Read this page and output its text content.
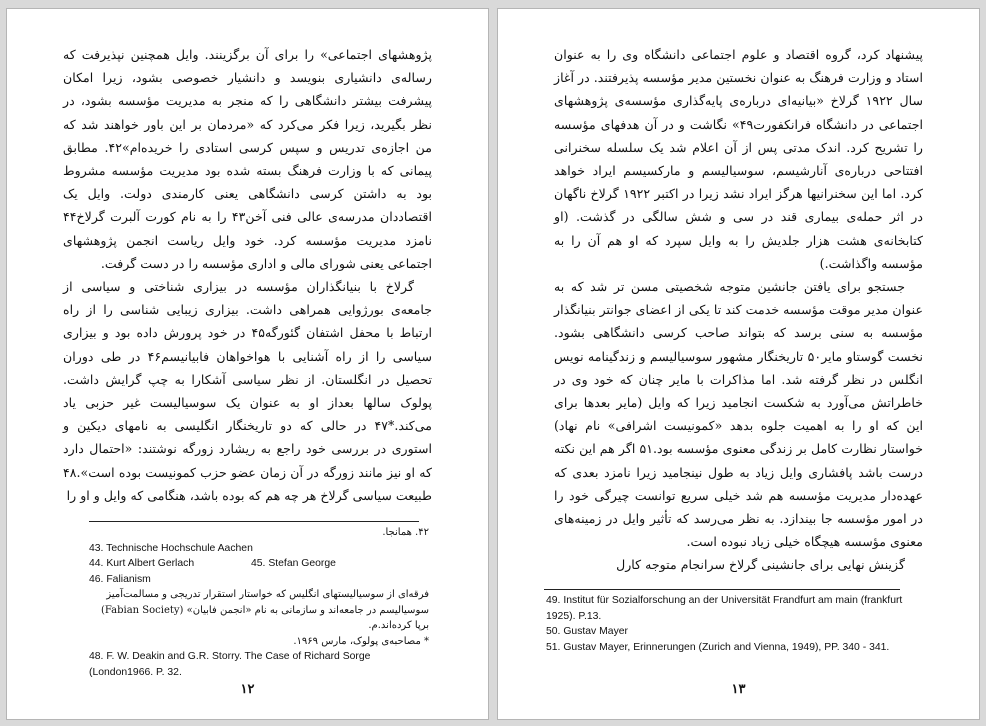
پژوهشهای اجتماعی» را برای آن برگزینند. وایل همچنین نپذیرفت که رساله‌ی دانشیاری بنویسد و دانشیار خصوصی بشود، زیرا امکان پیشرفت بیشتر دانشگاهی را که منجر به مدیریت مؤسسه بشود، در نظر بگیرید، زیرا فکر می‌کرد که «مردمان بر این باور خواهند شد که من اجازه‌ی تدریس و سپس کرسی استادی را خریده‌ام»۴۲. مطابق پیمانی که با وزارت فرهنگ بسته شده بود مدیریت مؤسسه مشروط بود به داشتن کرسی دانشگاهی یعنی کارمندی دولت. وایل یک اقتصاددان مدرسه‌ی عالی فنی آخن۴۳ را به نام کورت آلبرت گرلاخ۴۴ نامزد مدیریت مؤسسه کرد. خود وایل ریاست انجمن پژوهشهای اجتماعی یعنی شورای مالی و اداری مؤسسه را در دست گرفت.

گرلاخ با بنیانگذاران مؤسسه در بیزاری شناختی و سیاسی از جامعه‌ی بورژوایی همراهی داشت. بیزاری زیبایی شناسی را از راه ارتباط با محفل اشتفان گئورگه۴۵ در خود پرورش داده بود و بیزاری سیاسی را از راه آشنایی با هواخواهان فابیانیسم۴۶ در طی دوران تحصیل در انگلستان. از نظر سیاسی آشکارا به چپ گرایش داشت. پولوک سالها بعداز او به عنوان یک سوسیالیست غیر حزبی یاد می‌کند.*۴۷ در حالی که دو تاریخنگار انگلیسی به نامهای دیکین و استوری در بررسی خود راجع به ریشارد زورگه نوشتند: «احتمال دارد که او نیز مانند زورگه در آن زمان عضو حزب کمونیست بوده است».۴۸ طبیعت سیاسی گرلاخ هر چه هم که بوده باشد، هنگامی که وایل و او را

۴۲. همانجا.
43. Technische Hochschule Aachen
44. Kurt Albert Gerlach	45. Stefan George
46. Falianism
فرقه‌ای از سوسیالیستهای انگلیس که خواستار استقرار تدریجی و مسالمت‌آمیز سوسیالیسم در جامعه‌اند و سازمانی به نام «انجمن فابیان» (Fabian Society) برپا کرده‌اند.م.
* مصاحبه‌ی پولوک، مارس ۱۹۶۹.
48. F. W. Deakin and G.R. Storry. The Case of Richard Sorge (London1966. P. 32.
۱۲

پیشنهاد کرد، گروه اقتصاد و علوم اجتماعی دانشگاه وی را به عنوان استاد و وزارت فرهنگ به عنوان نخستین مدیر مؤسسه پذیرفتند. در آغاز سال ۱۹۲۲ گرلاخ «بیانیه‌ای درباره‌ی پایه‌گذاری مؤسسه‌ی پژوهشهای اجتماعی در دانشگاه فرانکفورت۴۹» نگاشت و در آن هدفهای مؤسسه را تشریح کرد. اندک مدتی پس از آن اعلام شد یک سلسله سخنرانی افتتاحی درباره‌ی آنارشیسم، سوسیالیسم و مارکسیسم ایراد خواهد کرد. اما این سخنرانیها هرگز ایراد نشد زیرا در اکتبر ۱۹۲۲ گرلاخ ناگهان در اثر حمله‌ی بیماری قند در سی و شش سالگی در گذشت. (او کتابخانه‌ی هشت هزار جلدیش را به وایل سپرد که او هم آن را به مؤسسه واگذاشت.)

جستجو برای یافتن جانشین متوجه شخصیتی مسن تر شد که به عنوان مدیر موقت مؤسسه خدمت کند تا یکی از اعضای جوانتر بنیانگذار مؤسسه به سنی برسد که بتواند صاحب کرسی دانشگاهی بشود. نخست گوستاو مایر۵۰ تاریخنگار مشهور سوسیالیسم و زندگینامه نویس انگلس در نظر گرفته شد. اما مذاکرات با مایر چنان که خود وی در خاطراتش می‌آورد به شکست انجامید زیرا که وایل (مایر بعدها برای این که او را به اهمیت جلوه بدهد «کمونیست اشرافی» نام نهاد) خواستار نظارت کامل بر زندگی معنوی مؤسسه بود.۵۱ اگر هم این نکته درست باشد پافشاری وایل زیاد به طول نینجامید زیرا نامزد بعدی که عهده‌دار مدیریت مؤسسه هم شد خیلی سریع توانست چیرگی خود را در امور مؤسسه جا بیندازد. به نظر می‌رسد که تأثیر وایل در زمینه‌های معنوی مؤسسه هیچگاه خیلی زیاد نبوده است.

گزینش نهایی برای جانشینی گرلاخ سرانجام متوجه کارل

49. Institut für Sozialforschung an der Universität Frandfurt am main (frankfurt 1925). P.13.
50. Gustav Mayer
51. Gustav Mayer, Erinnerungen (Zurich and Vienna, 1949), PP. 340 - 341.
۱۳
